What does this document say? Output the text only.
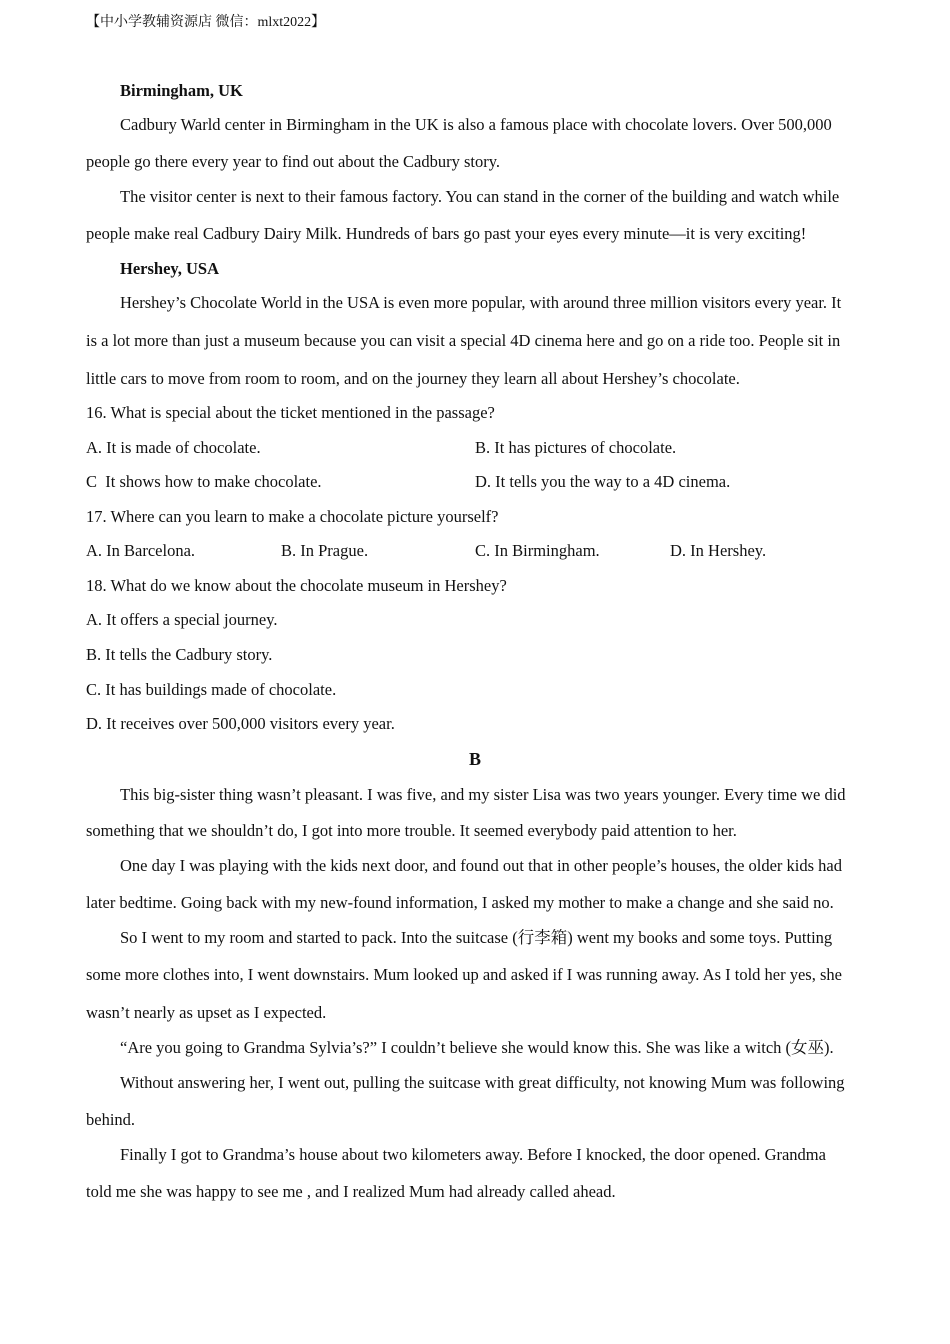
【中小学教辅资源店 微信：mlxt2022】
Birmingham, UK
Cadbury Warld center in Birmingham in the UK is also a famous place with chocolate lovers. Over 500,000
people go there every year to find out about the Cadbury story.
The visitor center is next to their famous factory. You can stand in the corner of the building and watch while
people make real Cadbury Dairy Milk. Hundreds of bars go past your eyes every minute—it is very exciting!
Hershey, USA
Hershey’s Chocolate World in the USA is even more popular, with around three million visitors every year. It
is a lot more than just a museum because you can visit a special 4D cinema here and go on a ride too. People sit in
little cars to move from room to room, and on the journey they learn all about Hershey’s chocolate.
16. What is special about the ticket mentioned in the passage?
A. It is made of chocolate.	B. It has pictures of chocolate.
C  It shows how to make chocolate.	D. It tells you the way to a 4D cinema.
17. Where can you learn to make a chocolate picture yourself?
A. In Barcelona.	B. In Prague.	C. In Birmingham.	D. In Hershey.
18. What do we know about the chocolate museum in Hershey?
A. It offers a special journey.
B. It tells the Cadbury story.
C. It has buildings made of chocolate.
D. It receives over 500,000 visitors every year.
B
This big-sister thing wasn’t pleasant. I was five, and my sister Lisa was two years younger. Every time we did
something that we shouldn’t do, I got into more trouble. It seemed everybody paid attention to her.
One day I was playing with the kids next door, and found out that in other people’s houses, the older kids had
later bedtime. Going back with my new-found information, I asked my mother to make a change and she said no.
So I went to my room and started to pack. Into the suitcase (行李箱) went my books and some toys. Putting
some more clothes into, I went downstairs. Mum looked up and asked if I was running away. As I told her yes, she
wasn’t nearly as upset as I expected.
“Are you going to Grandma Sylvia’s?” I couldn’t believe she would know this. She was like a witch (女巫).
Without answering her, I went out, pulling the suitcase with great difficulty, not knowing Mum was following
behind.
Finally I got to Grandma’s house about two kilometers away. Before I knocked, the door opened. Grandma
told me she was happy to see me , and I realized Mum had already called ahead.
